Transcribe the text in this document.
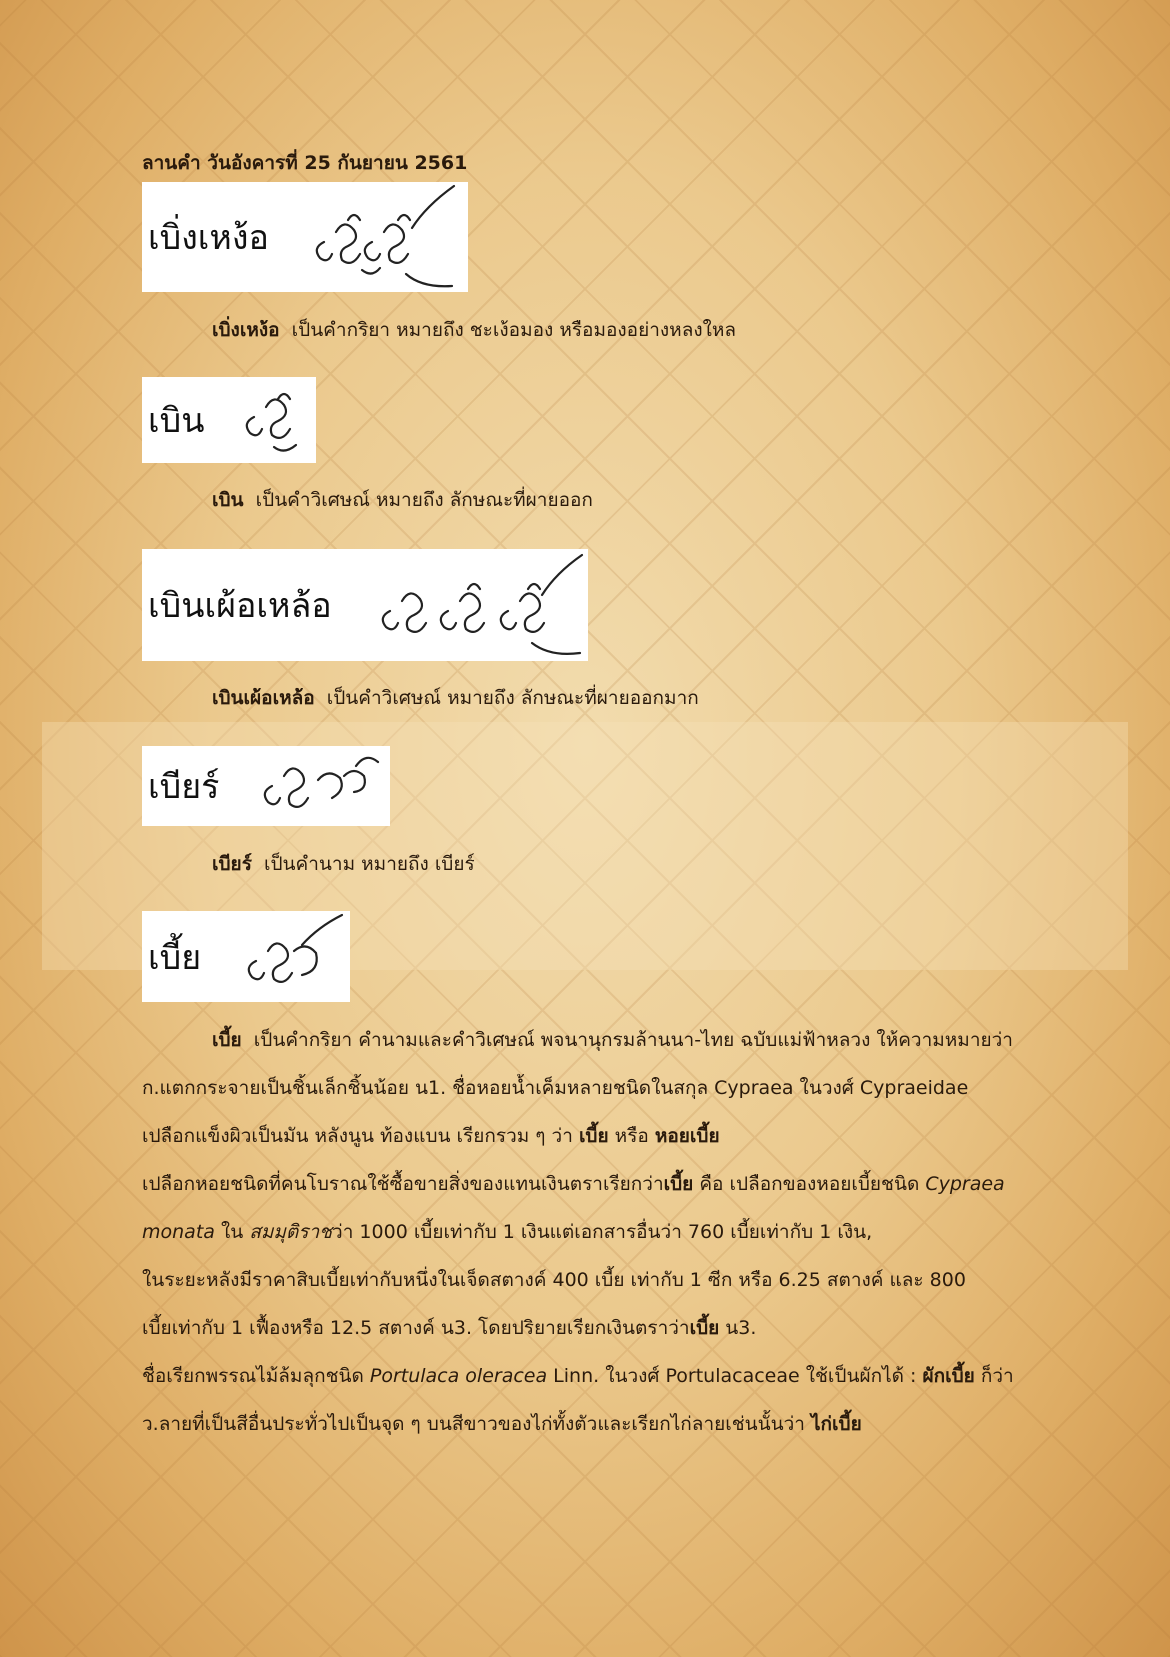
ลานคำ วันอังคารที่ 25 กันยายน 2561

เบิ่งเหง้อ

เบิ่งเหง้อ เป็นคำกริยา หมายถึง ชะเง้อมอง หรือมองอย่างหลงใหล

เบิน

เบิน เป็นคำวิเศษณ์ หมายถึง ลักษณะที่ผายออก

เบินเผ้อเหล้อ

เบินเผ้อเหล้อ เป็นคำวิเศษณ์ หมายถึง ลักษณะที่ผายออกมาก

เบียร์

เบียร์ เป็นคำนาม หมายถึง เบียร์

เบี้ย
เบี้ย เป็นคำกริยา คำนามและคำวิเศษณ์ พจนานุกรมล้านนา-ไทย ฉบับแม่ฟ้าหลวง ให้ความหมายว่า
ก.แตกกระจายเป็นชิ้นเล็กชิ้นน้อย น1. ชื่อหอยน้ำเค็มหลายชนิดในสกุล Cypraea ในวงศ์ Cypraeidae
เปลือกแข็งผิวเป็นมัน หลังนูน ท้องแบน เรียกรวม ๆ ว่า เบี้ย หรือ หอยเบี้ย
เปลือกหอยชนิดที่คนโบราณใช้ซื้อขายสิ่งของแทนเงินตราเรียกว่าเบี้ย คือ เปลือกของหอยเบี้ยชนิด Cypraea
monata ใน สมมุติราชว่า 1000 เบี้ยเท่ากับ 1 เงินแต่เอกสารอื่นว่า 760 เบี้ยเท่ากับ 1 เงิน,
ในระยะหลังมีราคาสิบเบี้ยเท่ากับหนึ่งในเจ็ดสตางค์ 400 เบี้ย เท่ากับ 1 ซีก หรือ 6.25 สตางค์ และ 800
เบี้ยเท่ากับ 1 เฟื้องหรือ 12.5 สตางค์ น3. โดยปริยายเรียกเงินตราว่าเบี้ย น3.
ชื่อเรียกพรรณไม้ล้มลุกชนิด Portulaca oleracea Linn. ในวงศ์ Portulacaceae ใช้เป็นผักได้ : ผักเบี้ย ก็ว่า
ว.ลายที่เป็นสีอื่นประทั่วไปเป็นจุด ๆ บนสีขาวของไก่ทั้งตัวและเรียกไก่ลายเช่นนั้นว่า ไก่เบี้ย
